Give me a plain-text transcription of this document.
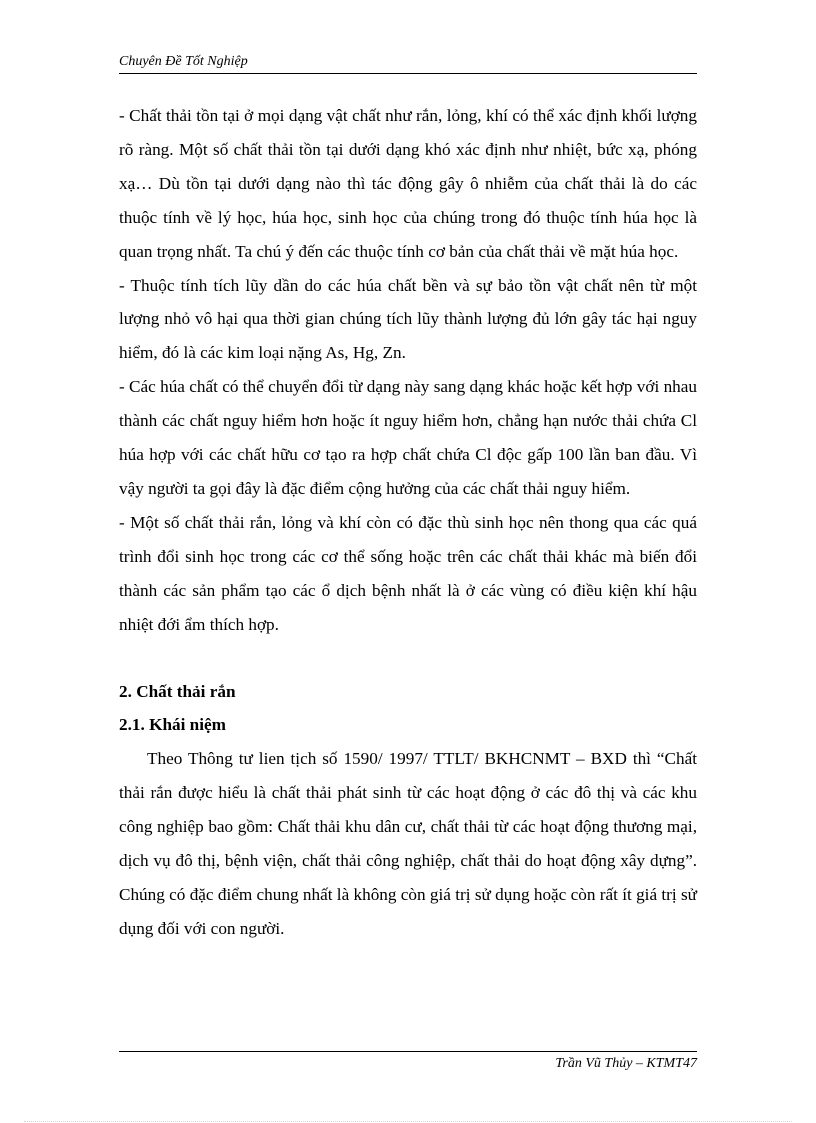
Chuyên Đề Tốt Nghiệp

- Chất thải tồn tại ở mọi dạng vật chất như rắn, lỏng, khí có thể xác định khối lượng rõ ràng. Một số chất thải tồn tại dưới dạng khó xác định như nhiệt, bức xạ, phóng xạ… Dù tồn tại dưới dạng nào thì tác động gây ô nhiễm của chất thải là do các thuộc tính về lý học, húa học, sinh học của chúng trong đó thuộc tính húa học là quan trọng nhất. Ta chú ý đến các thuộc tính cơ bản của chất thải về mặt húa học.

- Thuộc tính tích lũy dần do các húa chất bền và sự bảo tồn vật chất nên từ một lượng nhỏ vô hại qua thời gian chúng tích lũy thành lượng đủ lớn gây tác hại nguy hiểm, đó là các kim loại nặng As, Hg, Zn.

- Các húa chất có thể chuyển đổi từ dạng này sang dạng khác hoặc kết hợp với nhau thành các chất nguy hiểm hơn hoặc ít nguy hiểm hơn, chẳng hạn nước thải chứa Cl húa hợp với các chất hữu cơ tạo ra hợp chất chứa Cl độc gấp 100 lần ban đầu. Vì vậy người ta gọi đây là đặc điểm cộng hưởng của các chất thải nguy hiểm.

- Một số chất thải rắn, lỏng và khí còn có đặc thù sinh học nên thong qua các quá trình đổi sinh học trong các cơ thể sống hoặc trên các chất thải khác mà biến đổi thành các sản phẩm tạo các ổ dịch bệnh nhất là ở các vùng có điều kiện khí hậu nhiệt đới ẩm thích hợp.

2. Chất thải rắn
2.1. Khái niệm

Theo Thông tư lien tịch số 1590/ 1997/ TTLT/ BKHCNMT – BXD thì “Chất thải rắn được hiểu là chất thải phát sinh từ các hoạt động ở các đô thị và các khu công nghiệp bao gồm: Chất thải khu dân cư, chất thải từ các hoạt động thương mại, dịch vụ đô thị, bệnh viện, chất thải công nghiệp, chất thải do hoạt động xây dựng”. Chúng có đặc điểm chung nhất là không còn giá trị sử dụng hoặc còn rất ít giá trị sử dụng đối với con người.

Trần Vũ Thủy – KTMT47
